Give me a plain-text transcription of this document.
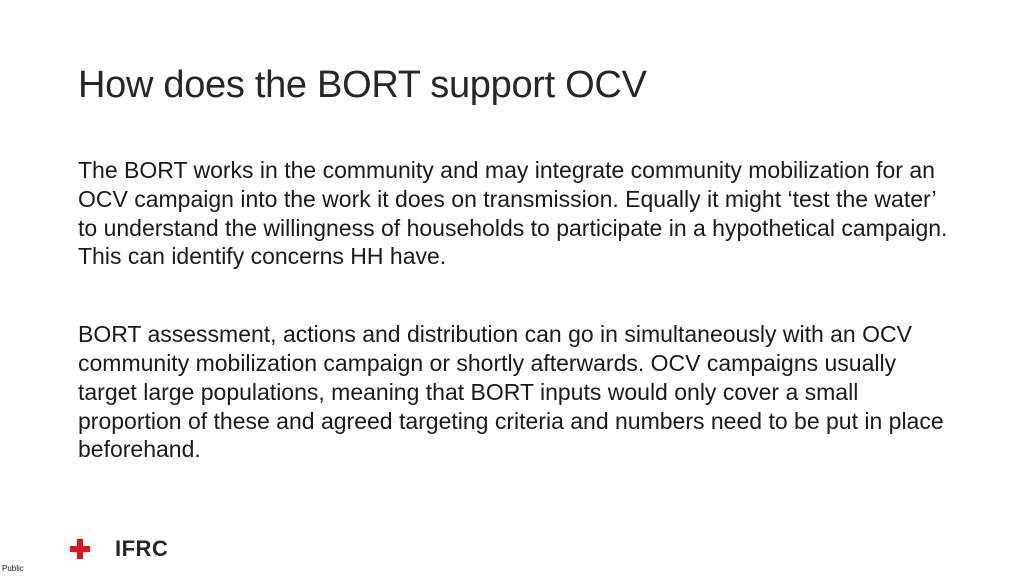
How does the BORT support OCV

The BORT works in the community and may integrate community mobilization for an OCV campaign into the work it does on transmission. Equally it might ‘test the water’ to understand the willingness of households to participate in a hypothetical campaign. This can identify concerns HH have.

BORT assessment, actions and distribution can go in simultaneously with an OCV community mobilization campaign or shortly afterwards. OCV campaigns usually target large populations, meaning that BORT inputs would only cover a small proportion of these and agreed targeting criteria and numbers need to be put in place beforehand.

IFRC
Public
